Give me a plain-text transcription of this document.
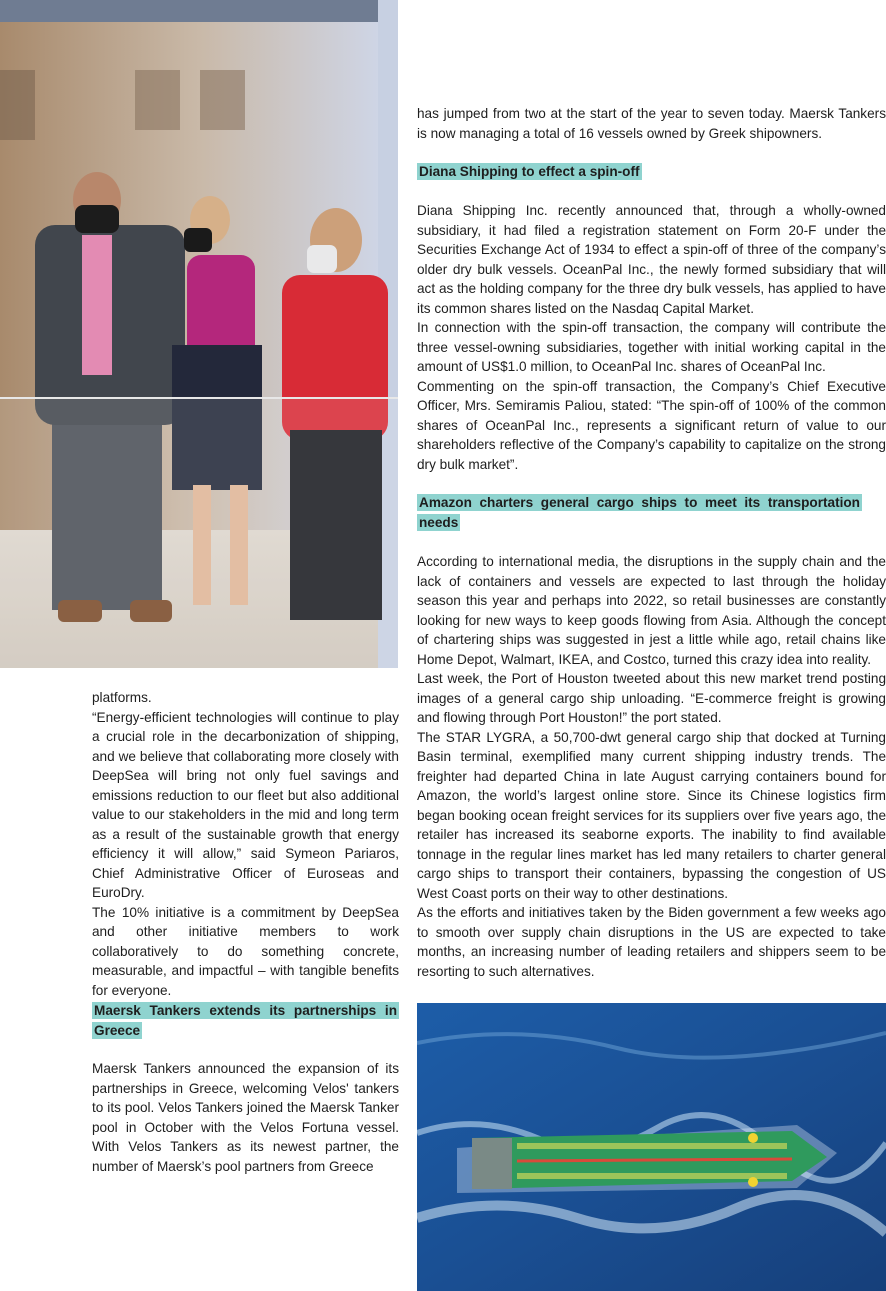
platforms.

“Energy-efficient technologies will continue to play a crucial role in the decarbonization of shipping, and we believe that collaborating more closely with DeepSea will bring not only fuel savings and emissions reduction to our fleet but also additional value to our stakeholders in the mid and long term as a result of the sustainable growth that energy efficiency it will allow,” said Symeon Pariaros, Chief Administrative Officer of Euroseas and EuroDry.

The 10% initiative is a commitment by DeepSea and other initiative members to work collaboratively to do something concrete, measurable, and impactful – with tangible benefits for everyone.

Maersk Tankers extends its partnerships in Greece

Maersk Tankers announced the expansion of its partnerships in Greece, welcoming Velos' tankers to its pool. Velos Tankers joined the Maersk Tanker pool in October with the Velos Fortuna vessel. With Velos Tankers as its newest partner, the number of Maersk’s pool partners from Greece

has jumped from two at the start of the year to seven today. Maersk Tankers is now managing a total of 16 vessels owned by Greek shipowners.

Diana Shipping to effect a spin-off

Diana Shipping Inc. recently announced that, through a wholly-owned subsidiary, it had filed a registration statement on Form 20-F under the Securities Exchange Act of 1934 to effect a spin-off of three of the company’s older dry bulk vessels. OceanPal Inc., the newly formed subsidiary that will act as the holding company for the three dry bulk vessels, has applied to have its common shares listed on the Nasdaq Capital Market.

In connection with the spin-off transaction, the company will contribute the three vessel-owning subsidiaries, together with initial working capital in the amount of US$1.0 million, to OceanPal Inc. shares of OceanPal Inc.

Commenting on the spin-off transaction, the Company’s Chief Executive Officer, Mrs. Semiramis Paliou, stated: “The spin-off of 100% of the common shares of OceanPal Inc., represents a significant return of value to our shareholders reflective of the Company’s capability to capitalize on the strong dry bulk market”.

Amazon charters general cargo ships to meet its transportation needs

According to international media, the disruptions in the supply chain and the lack of containers and vessels are expected to last through the holiday season this year and perhaps into 2022, so retail businesses are constantly looking for new ways to keep goods flowing from Asia. Although the concept of chartering ships was suggested in jest a little while ago, retail chains like Home Depot, Walmart, IKEA, and Costco, turned this crazy idea into reality.

Last week, the Port of Houston tweeted about this new market trend posting images of a general cargo ship unloading. “E-commerce freight is growing and flowing through Port Houston!” the port stated.

The STAR LYGRA, a 50,700-dwt general cargo ship that docked at Turning Basin terminal, exemplified many current shipping industry trends. The freighter had departed China in late August carrying containers bound for Amazon, the world’s largest online store. Since its Chinese logistics firm began booking ocean freight services for its suppliers over five years ago, the retailer has increased its seaborne exports. The inability to find available tonnage in the regular lines market has led many retailers to charter general cargo ships to transport their containers, bypassing the congestion of US West Coast ports on their way to other destinations.

As the efforts and initiatives taken by the Biden government a few weeks ago to smooth over supply chain disruptions in the US are expected to take months, an increasing number of leading retailers and shippers seem to be resorting to such alternatives.
